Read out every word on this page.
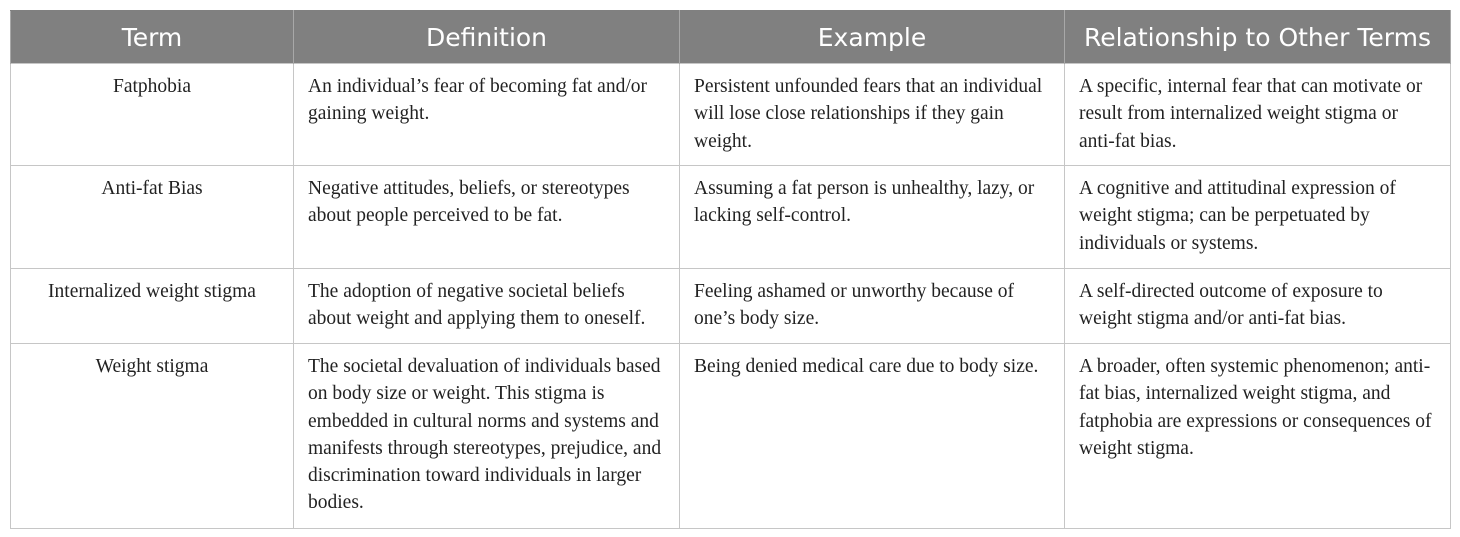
Term	Definition	Example	Relationship to Other Terms
Fatphobia	An individual’s fear of becoming fat and/or gaining weight.	Persistent unfounded fears that an individual will lose close relationships if they gain weight.	A specific, internal fear that can motivate or result from internalized weight stigma or anti-fat bias.
Anti-fat Bias	Negative attitudes, beliefs, or stereotypes about people perceived to be fat.	Assuming a fat person is unhealthy, lazy, or lacking self-control.	A cognitive and attitudinal expression of weight stigma; can be perpetuated by individuals or systems.
Internalized weight stigma	The adoption of negative societal beliefs about weight and applying them to oneself.	Feeling ashamed or unworthy because of one’s body size.	A self-directed outcome of exposure to weight stigma and/or anti-fat bias.
Weight stigma	The societal devaluation of individuals based on body size or weight. This stigma is embedded in cultural norms and systems and manifests through stereotypes, prejudice, and discrimination toward individuals in larger bodies.	Being denied medical care due to body size.	A broader, often systemic phenomenon; anti-fat bias, internalized weight stigma, and fatphobia are expressions or consequences of weight stigma.
